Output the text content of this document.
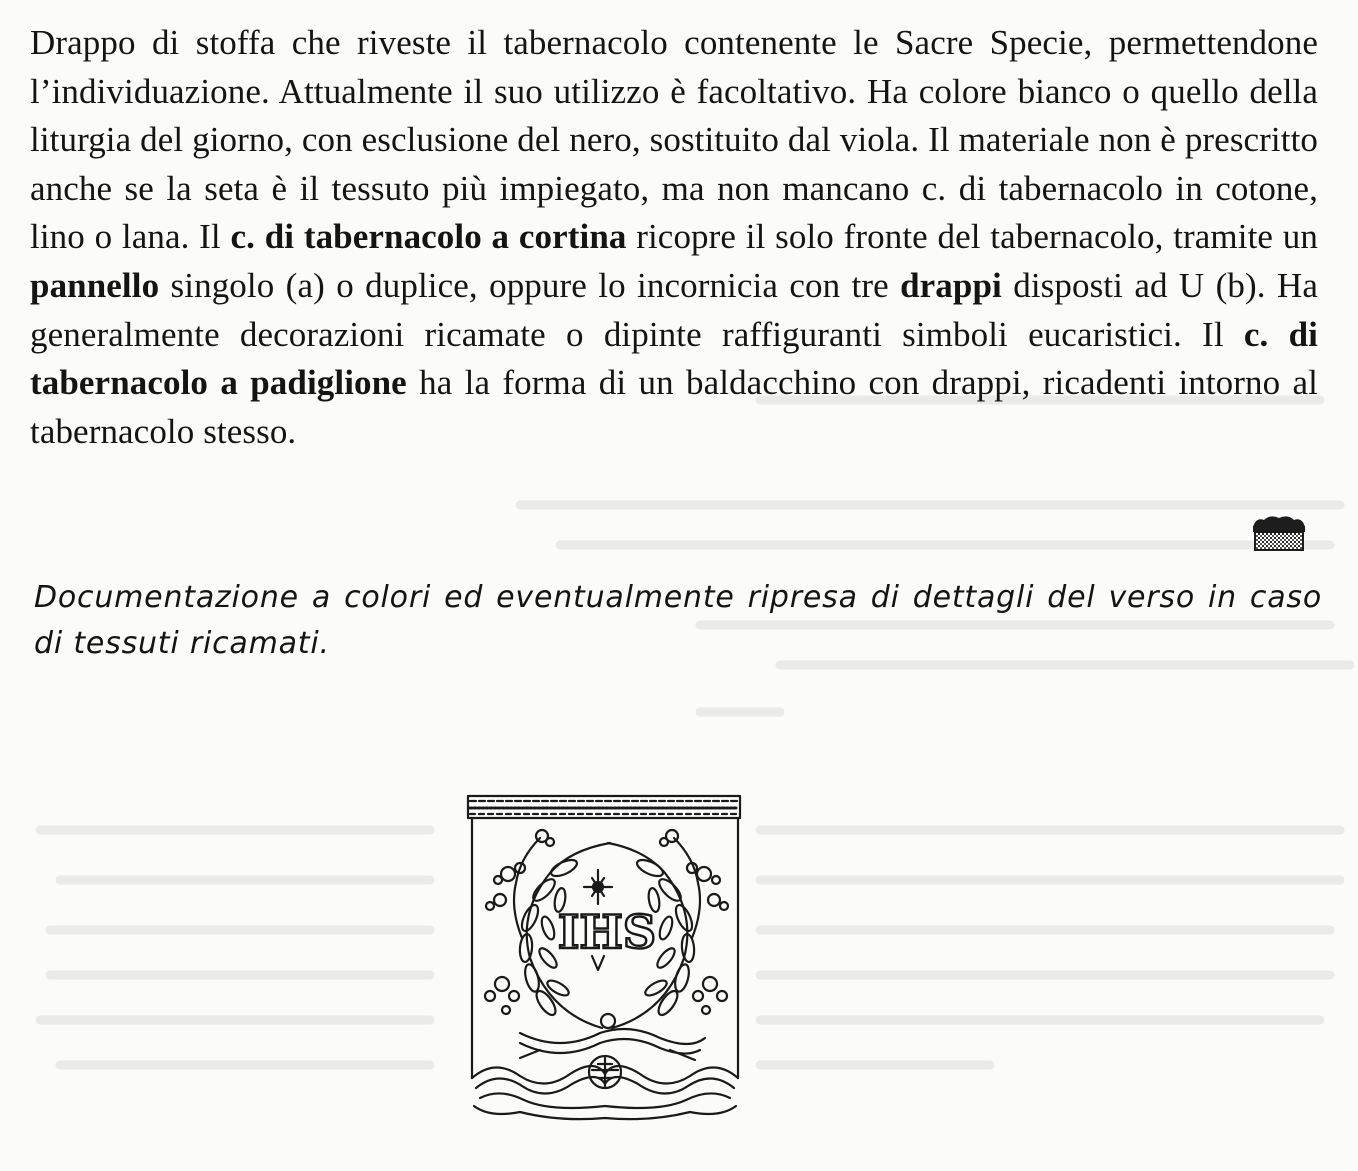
Drappo di stoffa che riveste il tabernacolo contenente le Sacre Specie, permettendone l’individuazione. Attualmente il suo utilizzo è facoltativo. Ha colore bianco o quello della liturgia del giorno, con esclusione del nero, sostituito dal viola. Il materiale non è prescritto anche se la seta è il tessuto più impiegato, ma non mancano c. di tabernacolo in cotone, lino o lana. Il c. di tabernacolo a cortina ricopre il solo fronte del tabernacolo, tramite un pannello singolo (a) o duplice, oppure lo incornicia con tre drappi disposti ad U (b). Ha generalmente decorazioni ricamate o dipinte raffiguranti simboli eucaristici. Il c. di tabernacolo a padiglione ha la forma di un baldacchino con drappi, ricadenti intorno al tabernacolo stesso.

Documentazione a colori ed eventualmente ripresa di dettagli del verso in caso di tessuti ricamati.

IHS
